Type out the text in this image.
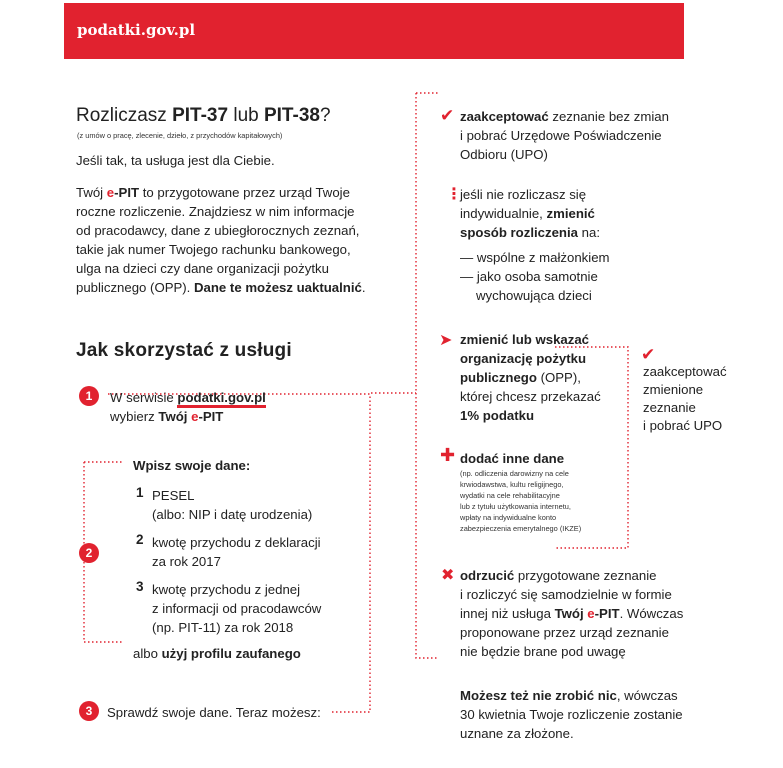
podatki.gov.pl
Rozliczasz PIT-37 lub PIT-38?
(z umów o pracę, zlecenie, dzieło, z przychodów kapitałowych)
Jeśli tak, ta usługa jest dla Ciebie.
Twój e-PIT to przygotowane przez urząd Twoje
roczne rozliczenie. Znajdziesz w nim informacje
od pracodawcy, dane z ubiegłorocznych zeznań,
takie jak numer Twojego rachunku bankowego,
ulga na dzieci czy dane organizacji pożytku
publicznego (OPP). Dane te możesz uaktualnić.
Jak skorzystać z usługi
1	W serwisie podatki.gov.pl
wybierz Twój e-PIT
2
Wpisz swoje dane:
1 PESEL
(albo: NIP i datę urodzenia)
2 kwotę przychodu z deklaracji
za rok 2017
3 kwotę przychodu z jednej
z informacji od pracodawców
(np. PIT-11) za rok 2018
albo użyj profilu zaufanego
3	Sprawdź swoje dane. Teraz możesz:
✔ zaakceptować zeznanie bez zmian
i pobrać Urzędowe Poświadczenie
Odbioru (UPO)
⋮
jeśli nie rozliczasz się
indywidualnie, zmienić
sposób rozliczenia na:
— wspólne z małżonkiem
— jako osoba samotnie
wychowująca dzieci
➤ zmienić lub wskazać
organizację pożytku
publicznego (OPP),
której chcesz przekazać
1% podatku
✚ dodać inne dane
(np. odliczenia darowizny na cele
krwiodawstwa, kultu religijnego,
wydatki na cele rehabilitacyjne
lub z tytułu użytkowania internetu,
wpłaty na indywidualne konto
zabezpieczenia emerytalnego (IKZE)
✖ odrzucić przygotowane zeznanie
i rozliczyć się samodzielnie w formie
innej niż usługa Twój e-PIT. Wówczas
proponowane przez urząd zeznanie
nie będzie brane pod uwagę
✔
zaakceptować
zmienione
zeznanie
i pobrać UPO
Możesz też nie zrobić nic, wówczas
30 kwietnia Twoje rozliczenie zostanie
uznane za złożone.
